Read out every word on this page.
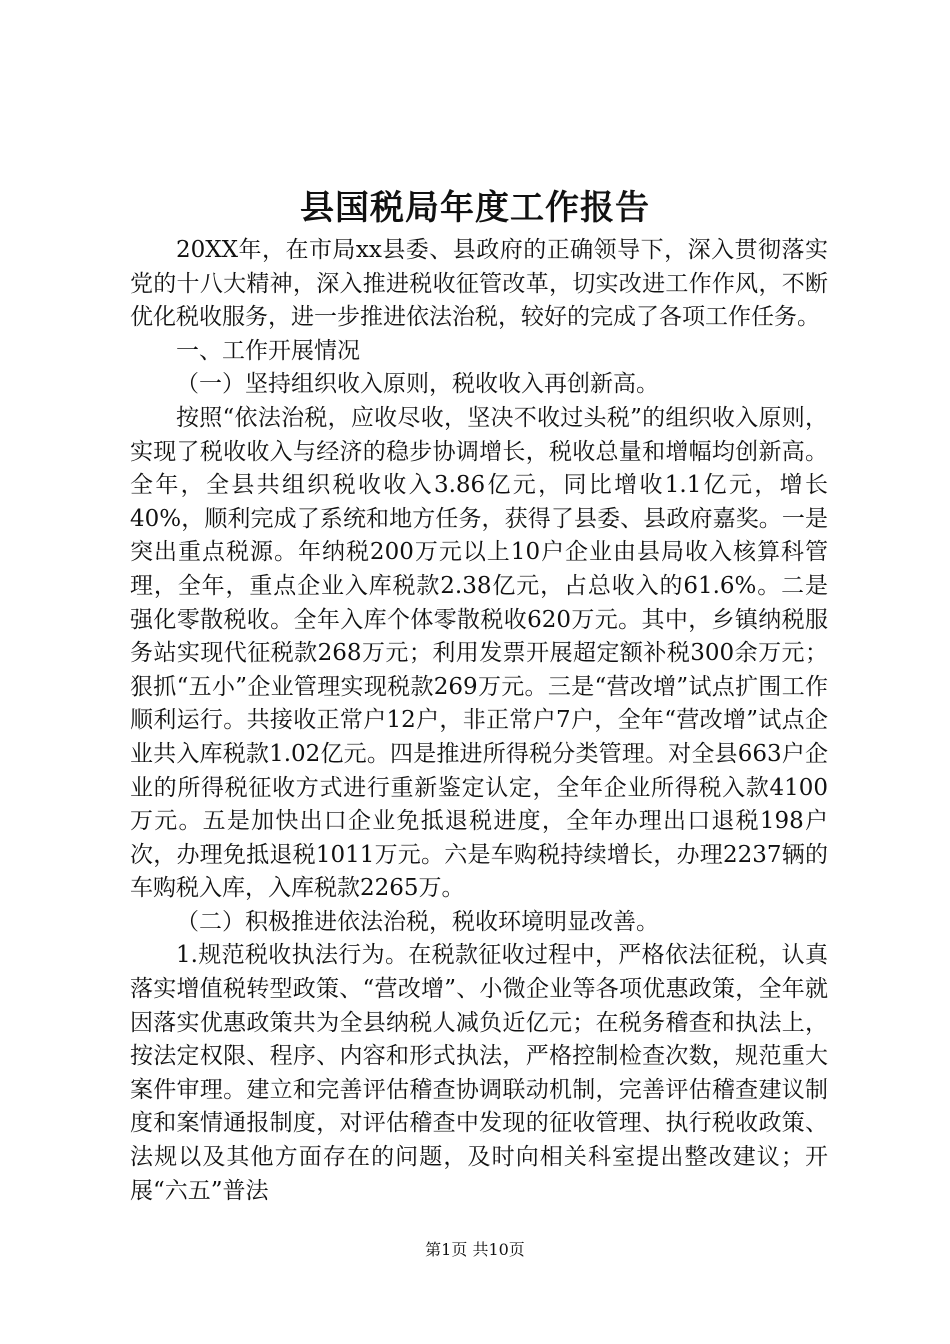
县国税局年度工作报告

20XX年，在市局xx县委、县政府的正确领导下，深入贯彻落实党的十八大精神，深入推进税收征管改革，切实改进工作作风，不断优化税收服务，进一步推进依法治税，较好的完成了各项工作任务。

一、工作开展情况

（一）坚持组织收入原则，税收收入再创新高。

按照“依法治税，应收尽收，坚决不收过头税”的组织收入原则，实现了税收收入与经济的稳步协调增长，税收总量和增幅均创新高。全年，全县共组织税收收入3.86亿元，同比增收1.1亿元，增长40%，顺利完成了系统和地方任务，获得了县委、县政府嘉奖。一是突出重点税源。年纳税200万元以上10户企业由县局收入核算科管理，全年，重点企业入库税款2.38亿元，占总收入的61.6%。二是强化零散税收。全年入库个体零散税收620万元。其中，乡镇纳税服务站实现代征税款268万元；利用发票开展超定额补税300余万元；狠抓“五小”企业管理实现税款269万元。三是“营改增”试点扩围工作顺利运行。共接收正常户12户，非正常户7户，全年“营改增”试点企业共入库税款1.02亿元。四是推进所得税分类管理。对全县663户企业的所得税征收方式进行重新鉴定认定，全年企业所得税入款4100万元。五是加快出口企业免抵退税进度，全年办理出口退税198户次，办理免抵退税1011万元。六是车购税持续增长，办理2237辆的车购税入库，入库税款2265万。

（二）积极推进依法治税，税收环境明显改善。

1.规范税收执法行为。在税款征收过程中，严格依法征税，认真落实增值税转型政策、“营改增”、小微企业等各项优惠政策，全年就因落实优惠政策共为全县纳税人减负近亿元；在税务稽查和执法上，按法定权限、程序、内容和形式执法，严格控制检查次数，规范重大案件审理。建立和完善评估稽查协调联动机制，完善评估稽查建议制度和案情通报制度，对评估稽查中发现的征收管理、执行税收政策、法规以及其他方面存在的问题，及时向相关科室提出整改建议；开展“六五”普法

第1页 共10页
